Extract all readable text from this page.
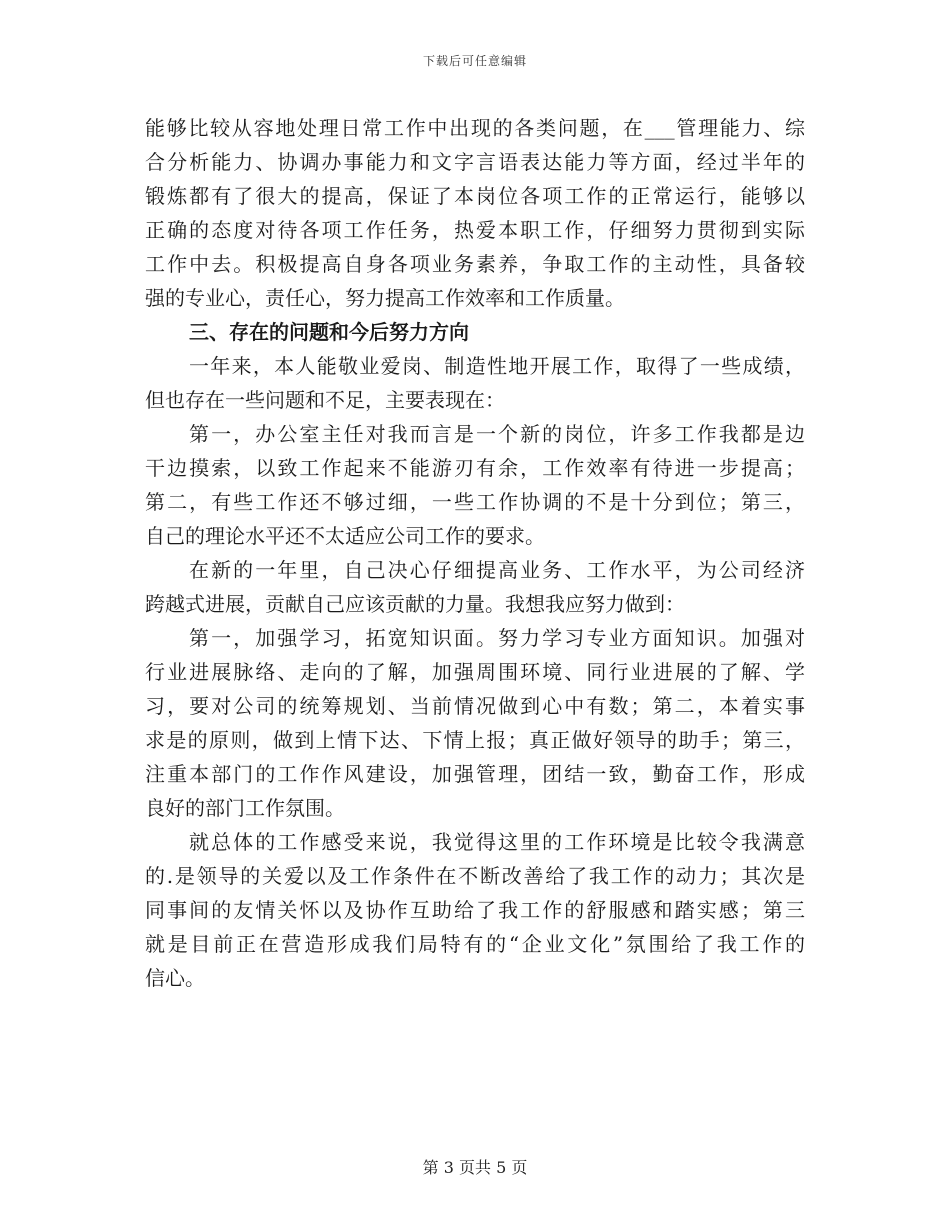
下载后可任意编辑
能够比较从容地处理日常工作中出现的各类问题，在___管理能力、综
合分析能力、协调办事能力和文字言语表达能力等方面，经过半年的
锻炼都有了很大的提高，保证了本岗位各项工作的正常运行，能够以
正确的态度对待各项工作任务，热爱本职工作，仔细努力贯彻到实际
工作中去。积极提高自身各项业务素养，争取工作的主动性，具备较
强的专业心，责任心，努力提高工作效率和工作质量。
三、存在的问题和今后努力方向
一年来，本人能敬业爱岗、制造性地开展工作，取得了一些成绩，
但也存在一些问题和不足，主要表现在：
第一，办公室主任对我而言是一个新的岗位，许多工作我都是边
干边摸索，以致工作起来不能游刃有余，工作效率有待进一步提高；
第二，有些工作还不够过细，一些工作协调的不是十分到位；第三，
自己的理论水平还不太适应公司工作的要求。
在新的一年里，自己决心仔细提高业务、工作水平，为公司经济
跨越式进展，贡献自己应该贡献的力量。我想我应努力做到：
第一，加强学习，拓宽知识面。努力学习专业方面知识。加强对
行业进展脉络、走向的了解，加强周围环境、同行业进展的了解、学
习，要对公司的统筹规划、当前情况做到心中有数；第二，本着实事
求是的原则，做到上情下达、下情上报；真正做好领导的助手；第三，
注重本部门的工作作风建设，加强管理，团结一致，勤奋工作，形成
良好的部门工作氛围。
就总体的工作感受来说，我觉得这里的工作环境是比较令我满意
的.是领导的关爱以及工作条件在不断改善给了我工作的动力；其次是
同事间的友情关怀以及协作互助给了我工作的舒服感和踏实感；第三
就是目前正在营造形成我们局特有的“企业文化”氛围给了我工作的
信心。
第 3 页共 5 页
